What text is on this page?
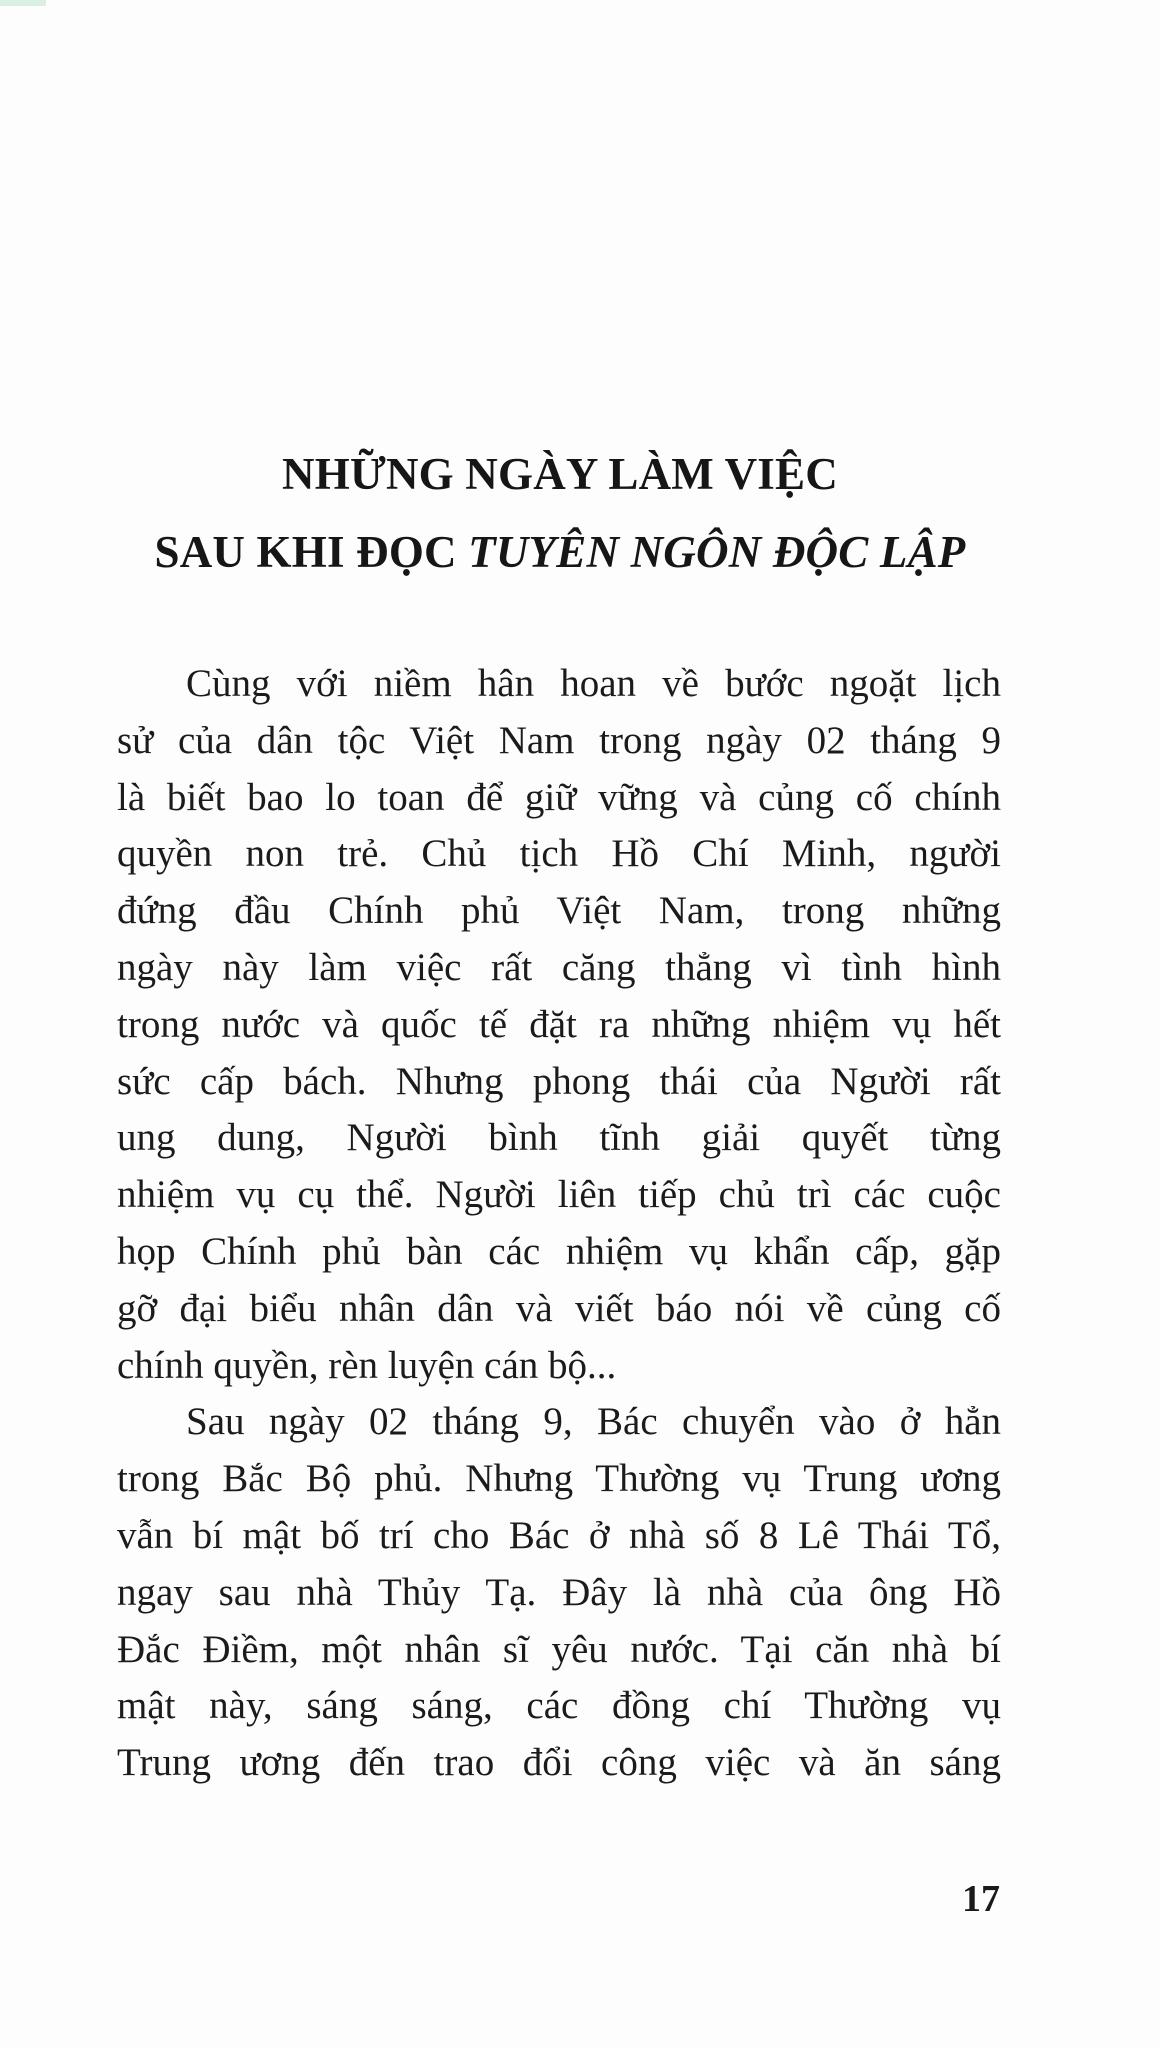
NHỮNG NGÀY LÀM VIỆC
SAU KHI ĐỌC TUYÊN NGÔN ĐỘC LẬP

Cùng với niềm hân hoan về bước ngoặt lịch
sử của dân tộc Việt Nam trong ngày 02 tháng 9
là biết bao lo toan để giữ vững và củng cố chính
quyền non trẻ. Chủ tịch Hồ Chí Minh, người
đứng đầu Chính phủ Việt Nam, trong những
ngày này làm việc rất căng thẳng vì tình hình
trong nước và quốc tế đặt ra những nhiệm vụ hết
sức cấp bách. Nhưng phong thái của Người rất
ung dung, Người bình tĩnh giải quyết từng
nhiệm vụ cụ thể. Người liên tiếp chủ trì các cuộc
họp Chính phủ bàn các nhiệm vụ khẩn cấp, gặp
gỡ đại biểu nhân dân và viết báo nói về củng cố
chính quyền, rèn luyện cán bộ...

Sau ngày 02 tháng 9, Bác chuyển vào ở hẳn
trong Bắc Bộ phủ. Nhưng Thường vụ Trung ương
vẫn bí mật bố trí cho Bác ở nhà số 8 Lê Thái Tổ,
ngay sau nhà Thủy Tạ. Đây là nhà của ông Hồ
Đắc Điềm, một nhân sĩ yêu nước. Tại căn nhà bí
mật này, sáng sáng, các đồng chí Thường vụ
Trung ương đến trao đổi công việc và ăn sáng

17
